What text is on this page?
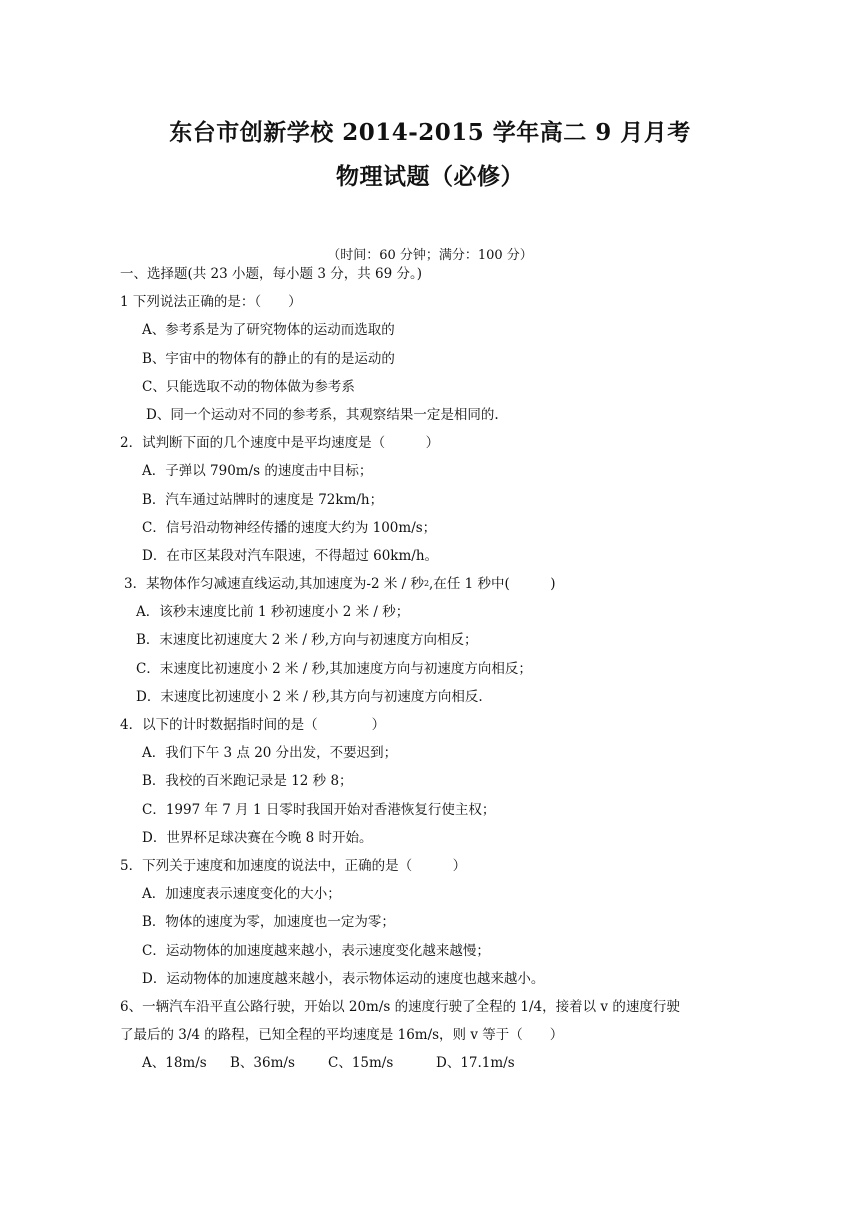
东台市创新学校 2014-2015 学年高二 9 月月考
物理试题（必修）
（时间：60 分钟；满分：100 分）
一、选择题(共 23 小题，每小题 3 分，共 69 分。)
1 下列说法正确的是：（　　）
A、参考系是为了研究物体的运动而选取的
B、宇宙中的物体有的静止的有的是运动的
C、只能选取不动的物体做为参考系
D、同一个运动对不同的参考系，其观察结果一定是相同的.
2．试判断下面的几个速度中是平均速度是（　　　）
A．子弹以 790m/s 的速度击中目标；
B．汽车通过站牌时的速度是 72km/h；
C．信号沿动物神经传播的速度大约为 100m/s；
D．在市区某段对汽车限速，不得超过 60km/h。
3．某物体作匀减速直线运动,其加速度为-2 米 / 秒$^2$,在任 1 秒中(　　　)
A．该秒末速度比前 1 秒初速度小 2 米 / 秒；
B．末速度比初速度大 2 米 / 秒,方向与初速度方向相反；
C．末速度比初速度小 2 米 / 秒,其加速度方向与初速度方向相反；
D．末速度比初速度小 2 米 / 秒,其方向与初速度方向相反.
4．以下的计时数据指时间的是（　　　　）
A．我们下午 3 点 20 分出发，不要迟到；
B．我校的百米跑记录是 12 秒 8；
C．1997 年 7 月 1 日零时我国开始对香港恢复行使主权；
D．世界杯足球决赛在今晚 8 时开始。
5．下列关于速度和加速度的说法中，正确的是（　　　）
A．加速度表示速度变化的大小；
B．物体的速度为零，加速度也一定为零；
C．运动物体的加速度越来越小，表示速度变化越来越慢；
D．运动物体的加速度越来越小，表示物体运动的速度也越来越小。
6、一辆汽车沿平直公路行驶，开始以 20m/s 的速度行驶了全程的 1/4，接着以 v 的速度行驶
了最后的 3/4 的路程，已知全程的平均速度是 16m/s，则 v 等于（　　）
A、18m/s B、36m/s C、15m/s	D、17.1m/s
